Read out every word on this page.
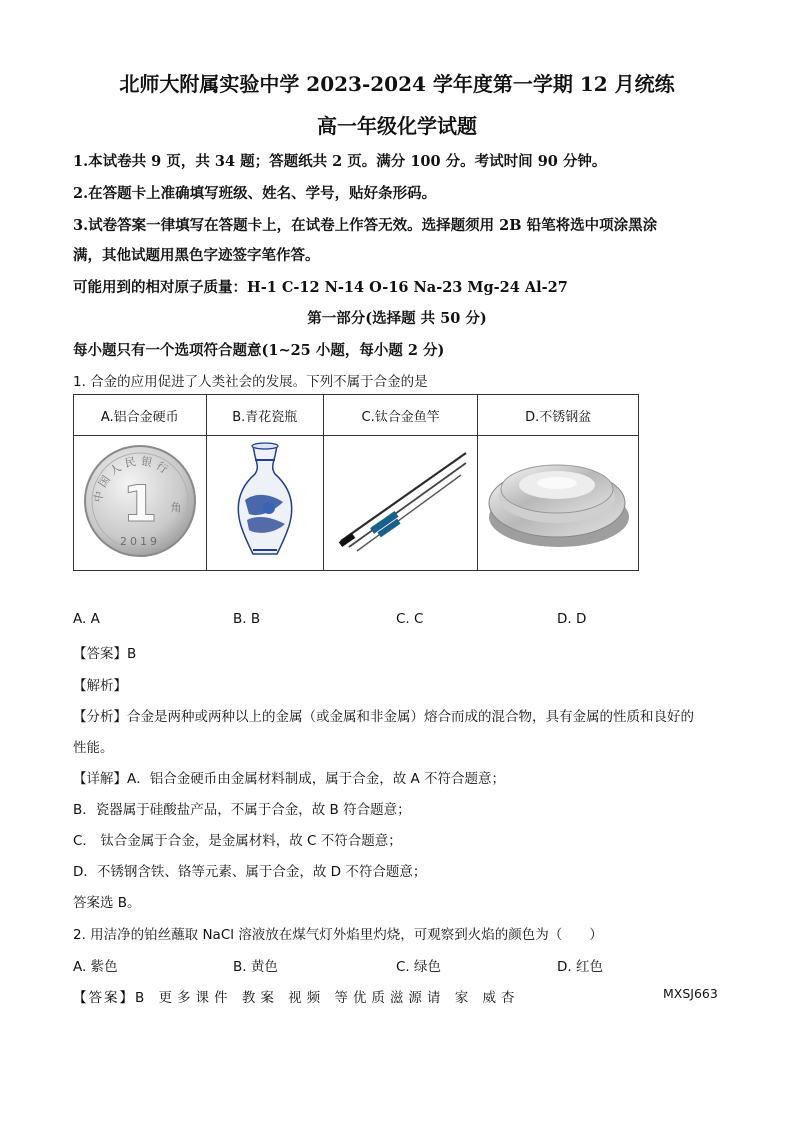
北师大附属实验中学 2023-2024 学年度第一学期 12 月统练
高一年级化学试题
1.本试卷共 9 页，共 34 题；答题纸共 2 页。满分 100 分。考试时间 90 分钟。
2.在答题卡上准确填写班级、姓名、学号，贴好条形码。
3.试卷答案一律填写在答题卡上，在试卷上作答无效。选择题须用 2B 铅笔将选中项涂黑涂
满，其他试题用黑色字迹签字笔作答。
可能用到的相对原子质量：H-1 C-12 N-14 O-16 Na-23 Mg-24 Al-27
第一部分(选择题 共 50 分)
每小题只有一个选项符合题意(1~25 小题，每小题 2 分)
1. 合金的应用促进了人类社会的发展。下列不属于合金的是
A.铝合金硬币	B.青花瓷瓶	C.钛合金鱼竿	D.不锈钢盆

中国人民银行
1 角
2019

A. A	B. B	C. C	D. D
【答案】B
【解析】
【分析】合金是两种或两种以上的金属（或金属和非金属）熔合而成的混合物，具有金属的性质和良好的
性能。
【详解】A．铝合金硬币由金属材料制成，属于合金，故 A 不符合题意；
B．瓷器属于硅酸盐产品，不属于合金，故 B 符合题意；
C． 钛合金属于合金，是金属材料，故 C 不符合题意；
D．不锈钢含铁、铬等元素、属于合金，故 D 不符合题意；
答案选 B。
2. 用洁净的铂丝蘸取 NaCl 溶液放在煤气灯外焰里灼烧，可观察到火焰的颜色为（　　）
A. 紫色	B. 黄色	C. 绿色	D. 红色
【答案】B 更多课件 教案 视频 等优质滋源请 家 威杏	MXSJ663
